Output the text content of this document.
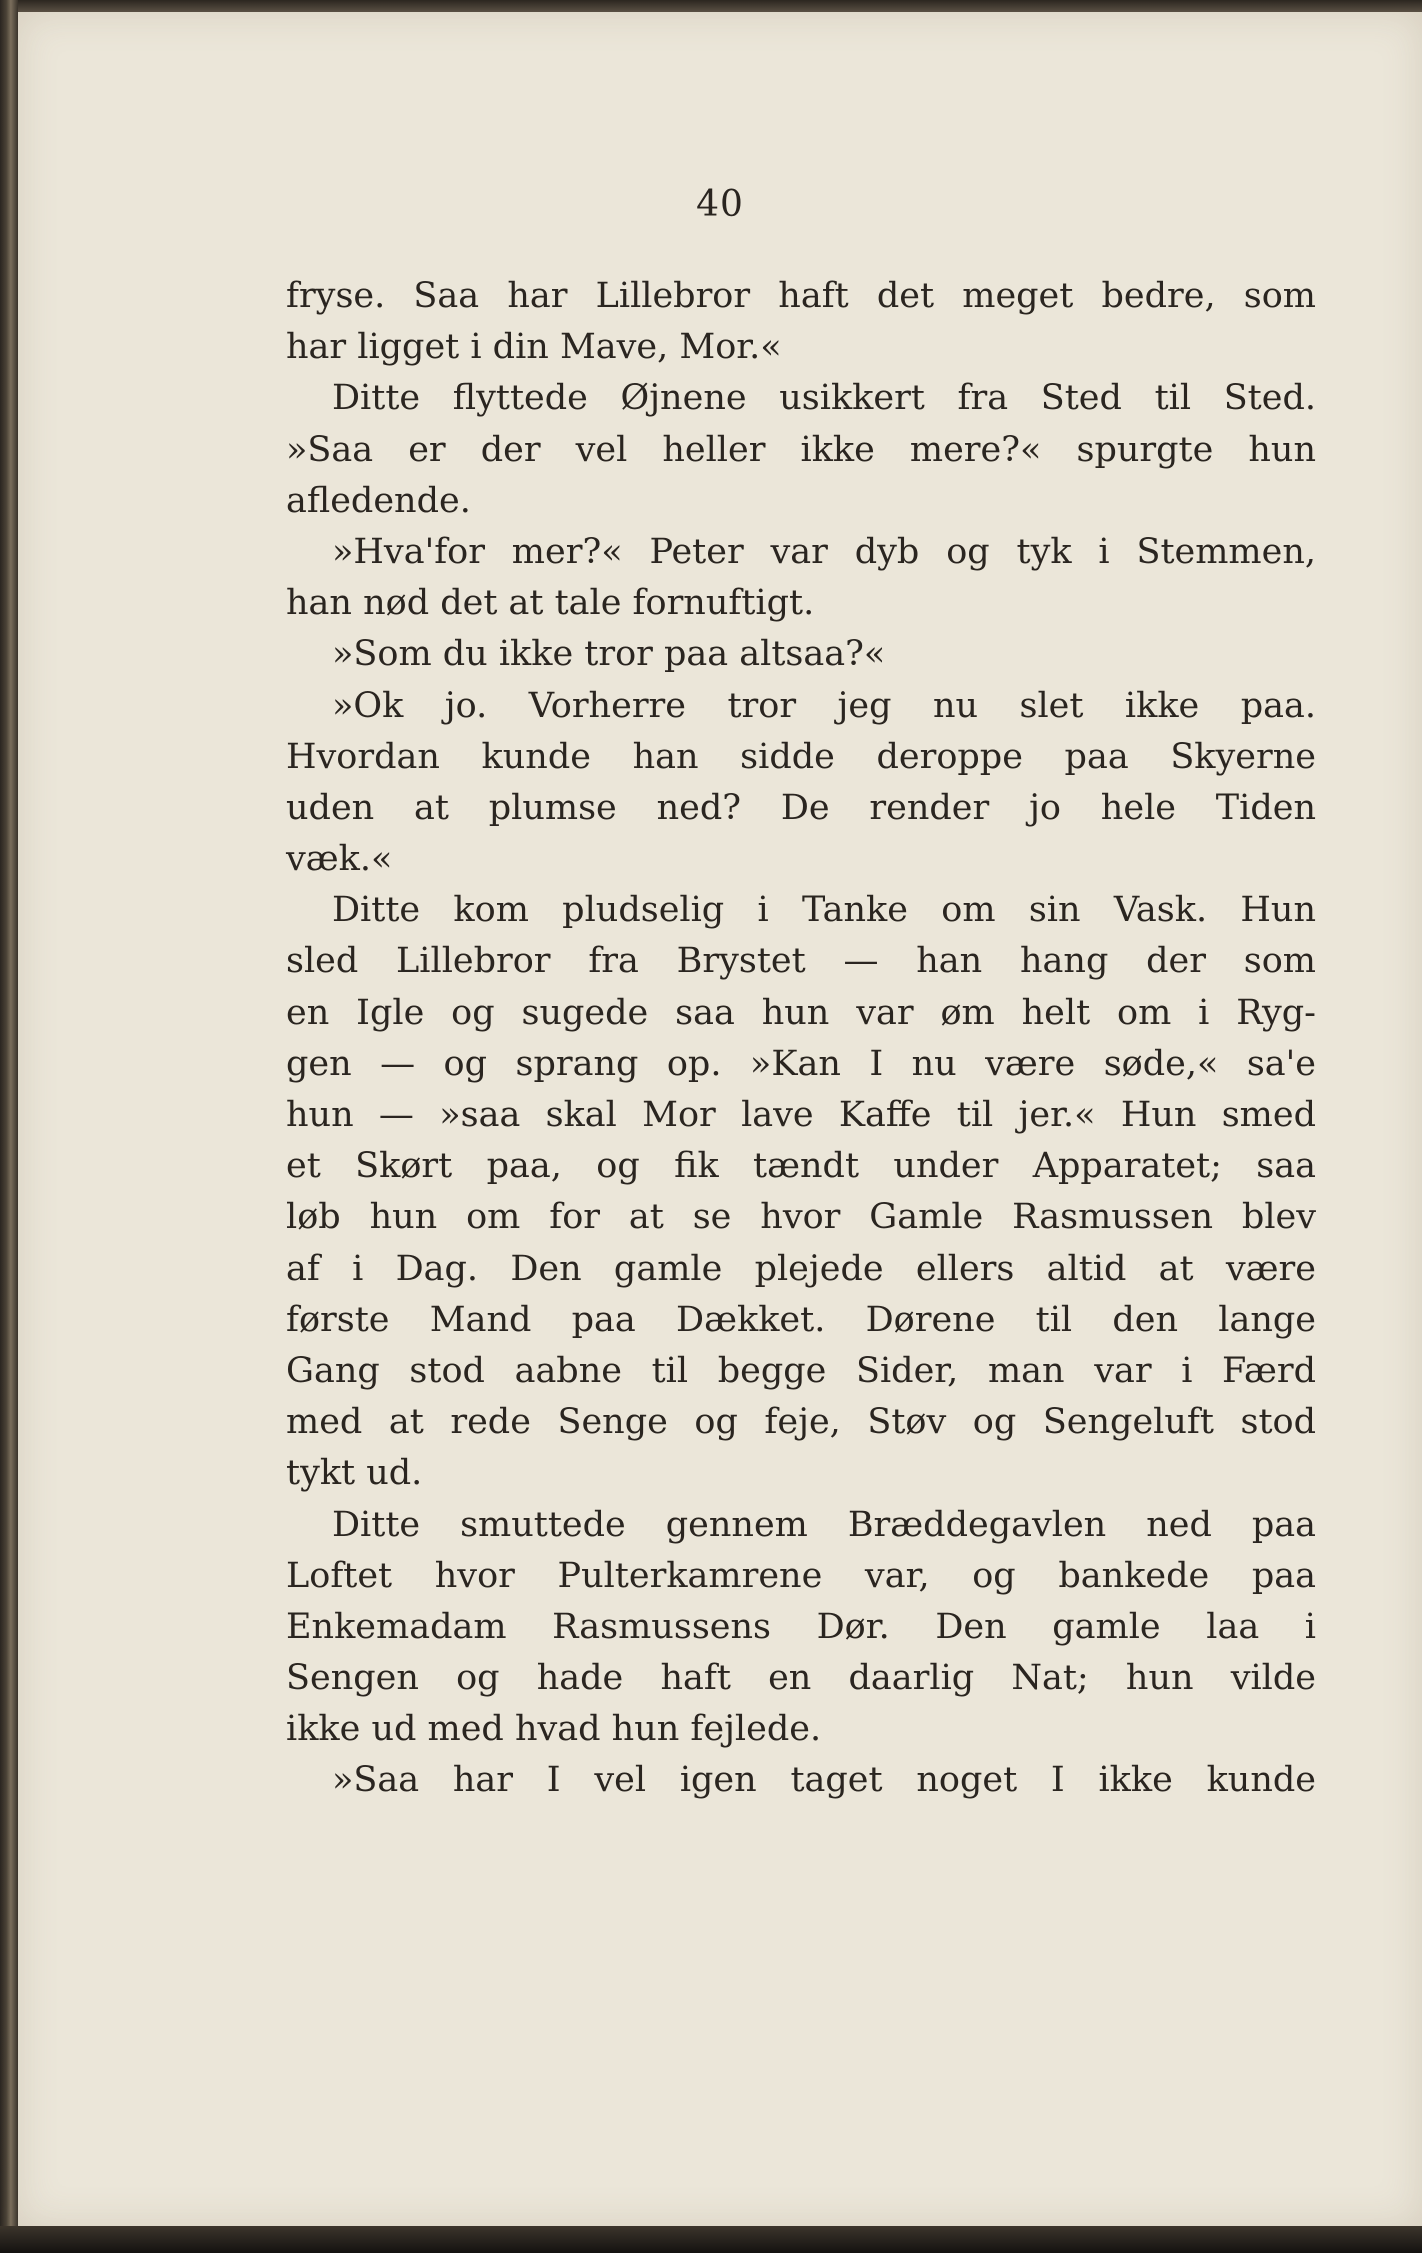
40
fryse. Saa har Lillebror haft det meget bedre, som
har ligget i din Mave, Mor.«
Ditte flyttede Øjnene usikkert fra Sted til Sted.
»Saa er der vel heller ikke mere?« spurgte hun
afledende.
»Hva'for mer?« Peter var dyb og tyk i Stemmen,
han nød det at tale fornuftigt.
»Som du ikke tror paa altsaa?«
»Ok jo. Vorherre tror jeg nu slet ikke paa.
Hvordan kunde han sidde deroppe paa Skyerne
uden at plumse ned? De render jo hele Tiden
væk.«
Ditte kom pludselig i Tanke om sin Vask. Hun
sled Lillebror fra Brystet — han hang der som
en Igle og sugede saa hun var øm helt om i Ryg-
gen — og sprang op. »Kan I nu være søde,« sa'e
hun — »saa skal Mor lave Kaffe til jer.« Hun smed
et Skørt paa, og fik tændt under Apparatet; saa
løb hun om for at se hvor Gamle Rasmussen blev
af i Dag. Den gamle plejede ellers altid at være
første Mand paa Dækket. Dørene til den lange
Gang stod aabne til begge Sider, man var i Færd
med at rede Senge og feje, Støv og Sengeluft stod
tykt ud.
Ditte smuttede gennem Bræddegavlen ned paa
Loftet hvor Pulterkamrene var, og bankede paa
Enkemadam Rasmussens Dør. Den gamle laa i
Sengen og hade haft en daarlig Nat; hun vilde
ikke ud med hvad hun fejlede.
»Saa har I vel igen taget noget I ikke kunde
